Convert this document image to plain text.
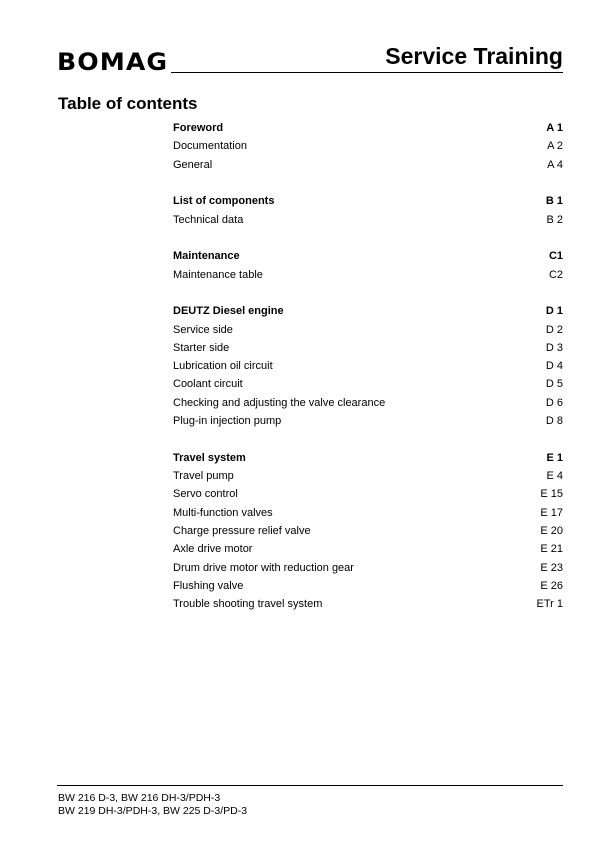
BOMAG	Service Training
Table of contents
Foreword	A 1
Documentation	A 2
General	A 4
List of components	B 1
Technical data	B 2
Maintenance	C1
Maintenance table	C2
DEUTZ Diesel engine	D 1
Service side	D 2
Starter side	D 3
Lubrication oil circuit	D 4
Coolant circuit	D 5
Checking and adjusting the valve clearance	D 6
Plug-in injection pump	D 8
Travel system	E 1
Travel pump	E 4
Servo control	E 15
Multi-function valves	E 17
Charge pressure relief valve	E 20
Axle drive motor	E 21
Drum drive motor with reduction gear	E 23
Flushing valve	E 26
Trouble shooting travel system	ETr 1
BW 216 D-3, BW 216 DH-3/PDH-3
BW 219 DH-3/PDH-3, BW 225 D-3/PD-3
